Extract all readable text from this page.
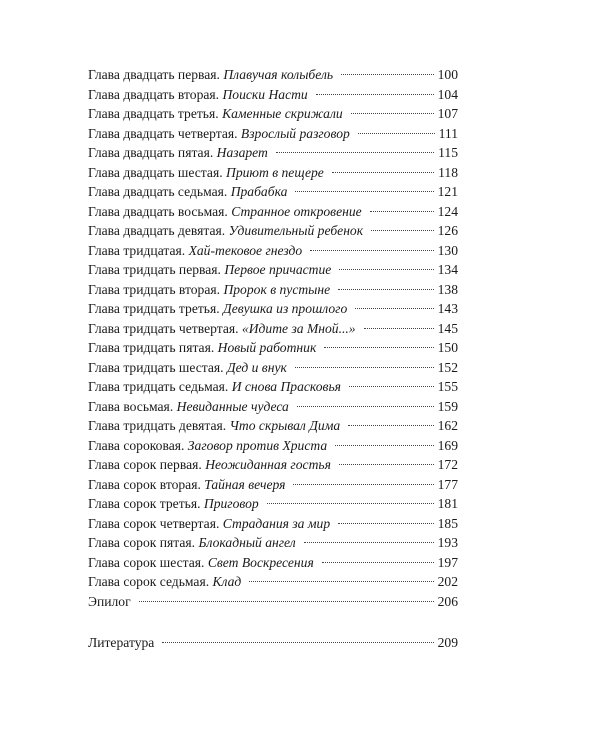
Глава двадцать первая. Плавучая колыбель	100
Глава двадцать вторая. Поиски Насти	104
Глава двадцать третья. Каменные скрижали	107
Глава двадцать четвертая. Взрослый разговор	111
Глава двадцать пятая. Назарет	115
Глава двадцать шестая. Приют в пещере	118
Глава двадцать седьмая. Прабабка	121
Глава двадцать восьмая. Странное откровение	124
Глава двадцать девятая. Удивительный ребенок	126
Глава тридцатая. Хай-тековое гнездо	130
Глава тридцать первая. Первое причастие	134
Глава тридцать вторая. Пророк в пустыне	138
Глава тридцать третья. Девушка из прошлого	143
Глава тридцать четвертая. «Идите за Мной...»	145
Глава тридцать пятая. Новый работник	150
Глава тридцать шестая. Дед и внук	152
Глава тридцать седьмая. И снова Прасковья	155
Глава восьмая. Невиданные чудеса	159
Глава тридцать девятая. Что скрывал Дима	162
Глава сороковая. Заговор против Христа	169
Глава сорок первая. Неожиданная гостья	172
Глава сорок вторая. Тайная вечеря	177
Глава сорок третья. Приговор	181
Глава сорок четвертая. Страдания за мир	185
Глава сорок пятая. Блокадный ангел	193
Глава сорок шестая. Свет Воскресения	197
Глава сорок седьмая. Клад	202
Эпилог	206
Литература	209
